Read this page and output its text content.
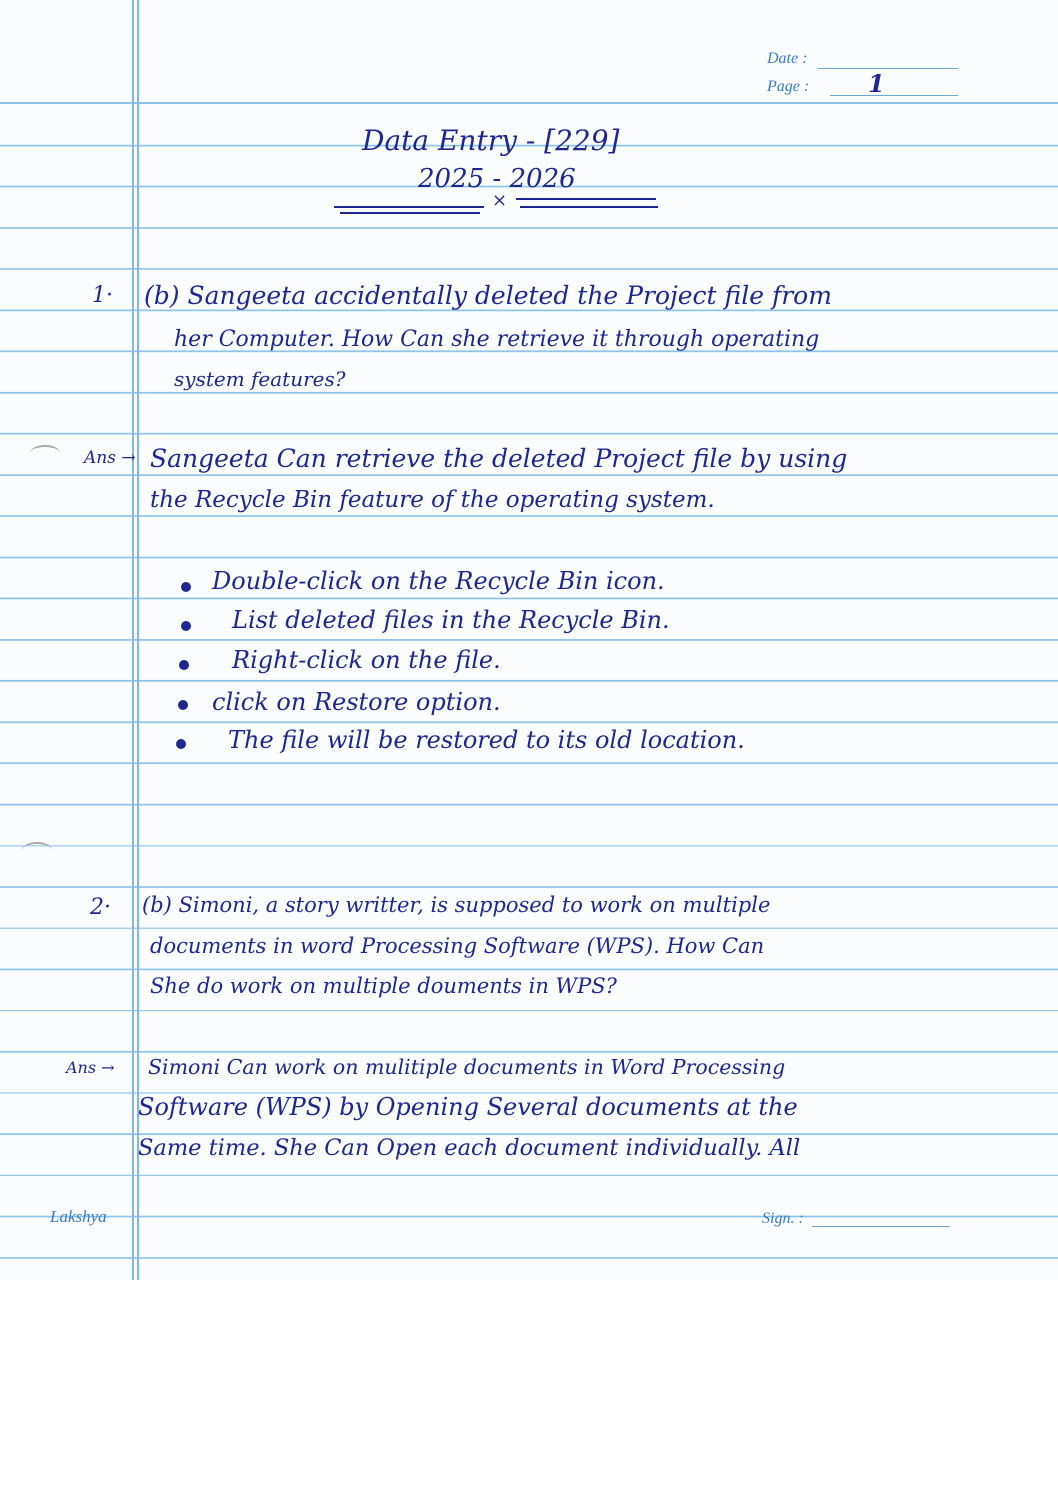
Date :
Page : 1
Data Entry - [229]
2025 - 2026
×
1· (b) Sangeeta accidentally deleted the Project file from
her Computer. How Can she retrieve it through operating
system features?
Ans → Sangeeta Can retrieve the deleted Project file by using
the Recycle Bin feature of the operating system.
Double-click on the Recycle Bin icon.
List deleted files in the Recycle Bin.
Right-click on the file.
click on Restore option.
The file will be restored to its old location.
2· (b) Simoni, a story writter, is supposed to work on multiple
documents in word Processing Software (WPS). How Can
She do work on multiple douments in WPS?
Ans → Simoni Can work on mulitiple documents in Word Processing
Software (WPS) by Opening Several documents at the
Same time. She Can Open each document individually. All
Lakshya	Sign. :
